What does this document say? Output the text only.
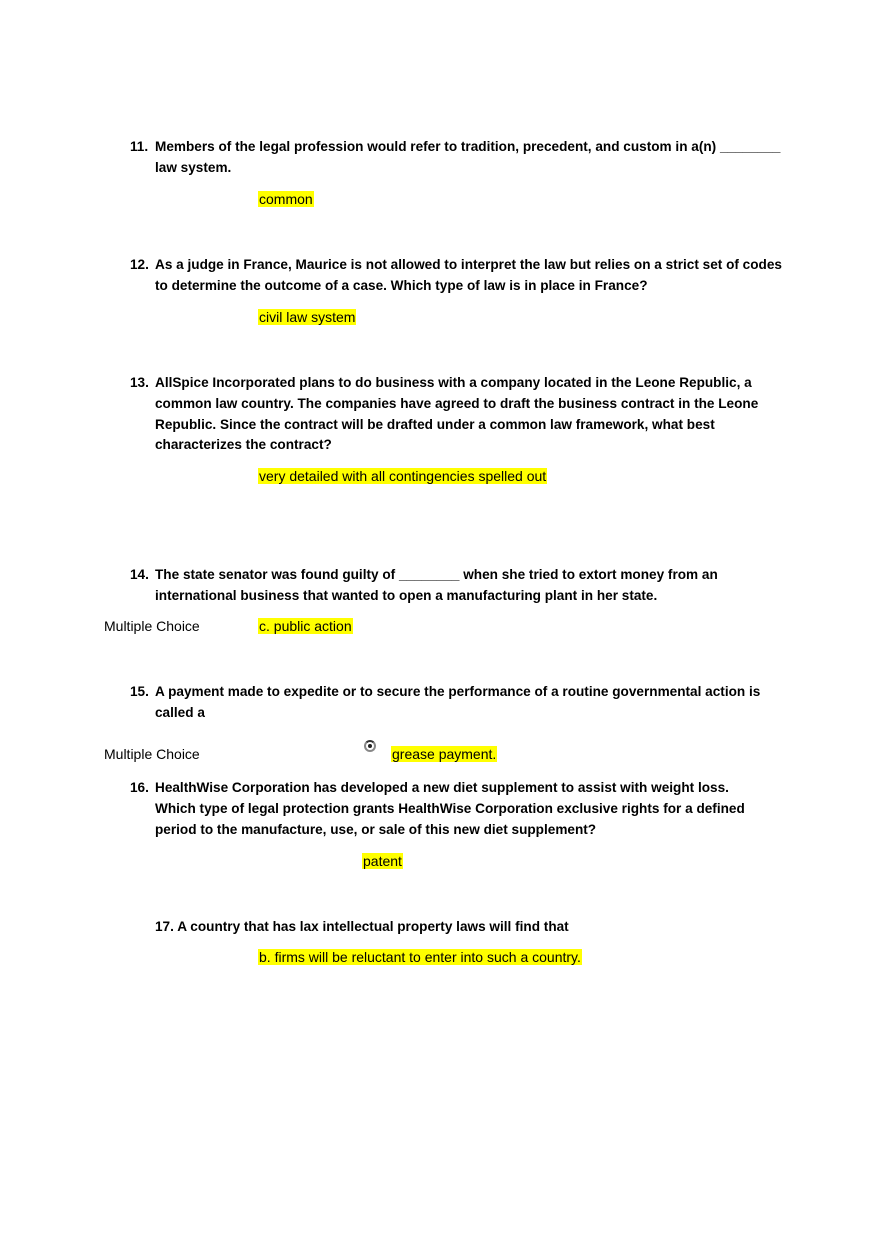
11. Members of the legal profession would refer to tradition, precedent, and custom in a(n) ________ law system.
common
12. As a judge in France, Maurice is not allowed to interpret the law but relies on a strict set of codes to determine the outcome of a case. Which type of law is in place in France?
civil law system
13. AllSpice Incorporated plans to do business with a company located in the Leone Republic, a common law country. The companies have agreed to draft the business contract in the Leone Republic. Since the contract will be drafted under a common law framework, what best characterizes the contract?
very detailed with all contingencies spelled out
14. The state senator was found guilty of ________ when she tried to extort money from an international business that wanted to open a manufacturing plant in her state.
Multiple Choice	c. public action
15. A payment made to expedite or to secure the performance of a routine governmental action is called a
Multiple Choice	grease payment.
16. HealthWise Corporation has developed a new diet supplement to assist with weight loss. Which type of legal protection grants HealthWise Corporation exclusive rights for a defined period to the manufacture, use, or sale of this new diet supplement?
patent
17. A country that has lax intellectual property laws will find that
b. firms will be reluctant to enter into such a country.
